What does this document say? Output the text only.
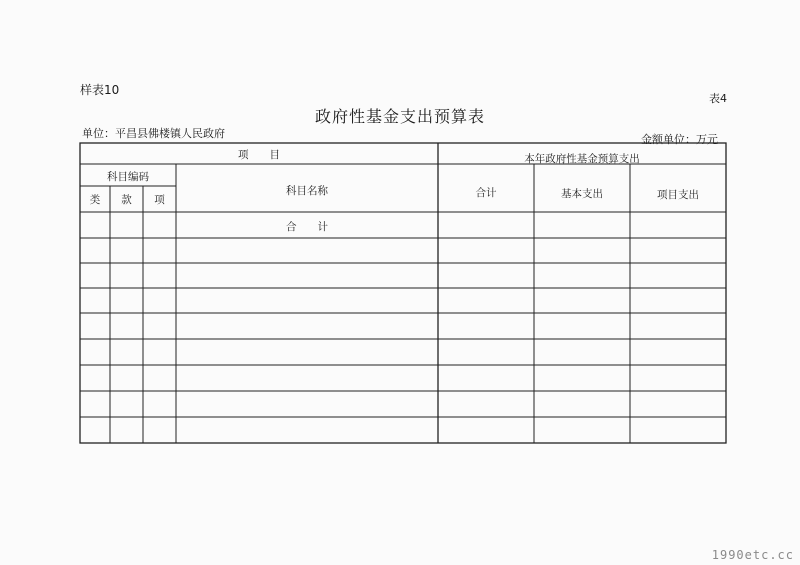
样表10
表4
政府性基金支出预算表
单位：平昌县佛楼镇人民政府	金额单位：万元
项　　目	本年政府性基金预算支出
科目编码
类	款	项
科目名称	合计	基本支出	项目支出
合　　计
1990etc.cc
